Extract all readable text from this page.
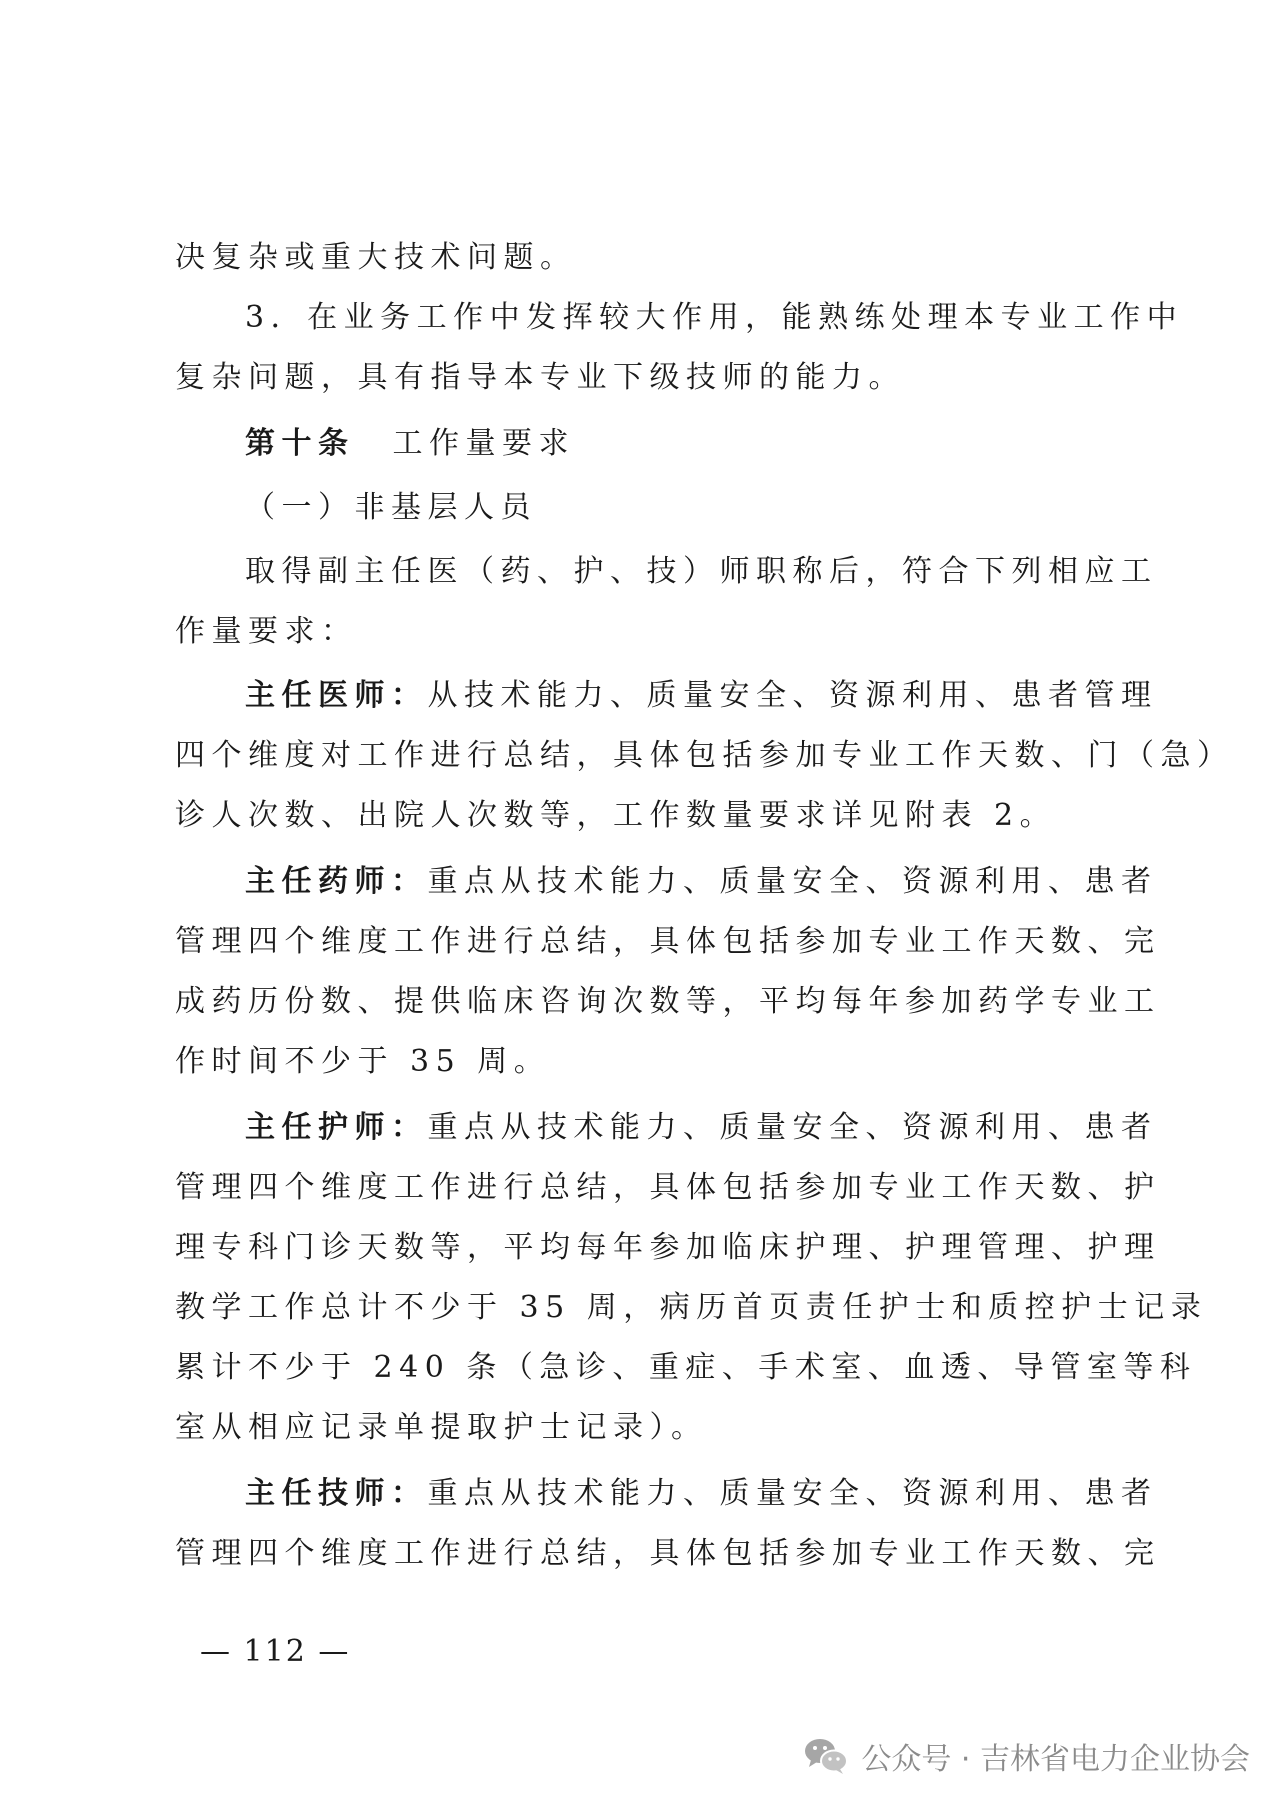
决复杂或重大技术问题。
3．在业务工作中发挥较大作用，能熟练处理本专业工作中
复杂问题，具有指导本专业下级技师的能力。
第十条 工作量要求
（一）非基层人员
取得副主任医（药、护、技）师职称后，符合下列相应工
作量要求：
主任医师：从技术能力、质量安全、资源利用、患者管理
四个维度对工作进行总结，具体包括参加专业工作天数、门（急）
诊人次数、出院人次数等，工作数量要求详见附表 2。
主任药师：重点从技术能力、质量安全、资源利用、患者
管理四个维度工作进行总结，具体包括参加专业工作天数、完
成药历份数、提供临床咨询次数等，平均每年参加药学专业工
作时间不少于 35 周。
主任护师：重点从技术能力、质量安全、资源利用、患者
管理四个维度工作进行总结，具体包括参加专业工作天数、护
理专科门诊天数等，平均每年参加临床护理、护理管理、护理
教学工作总计不少于 35 周，病历首页责任护士和质控护士记录
累计不少于 240 条（急诊、重症、手术室、血透、导管室等科
室从相应记录单提取护士记录）。
主任技师：重点从技术能力、质量安全、资源利用、患者
管理四个维度工作进行总结，具体包括参加专业工作天数、完
— 112 —
公众号 · 吉林省电力企业协会
